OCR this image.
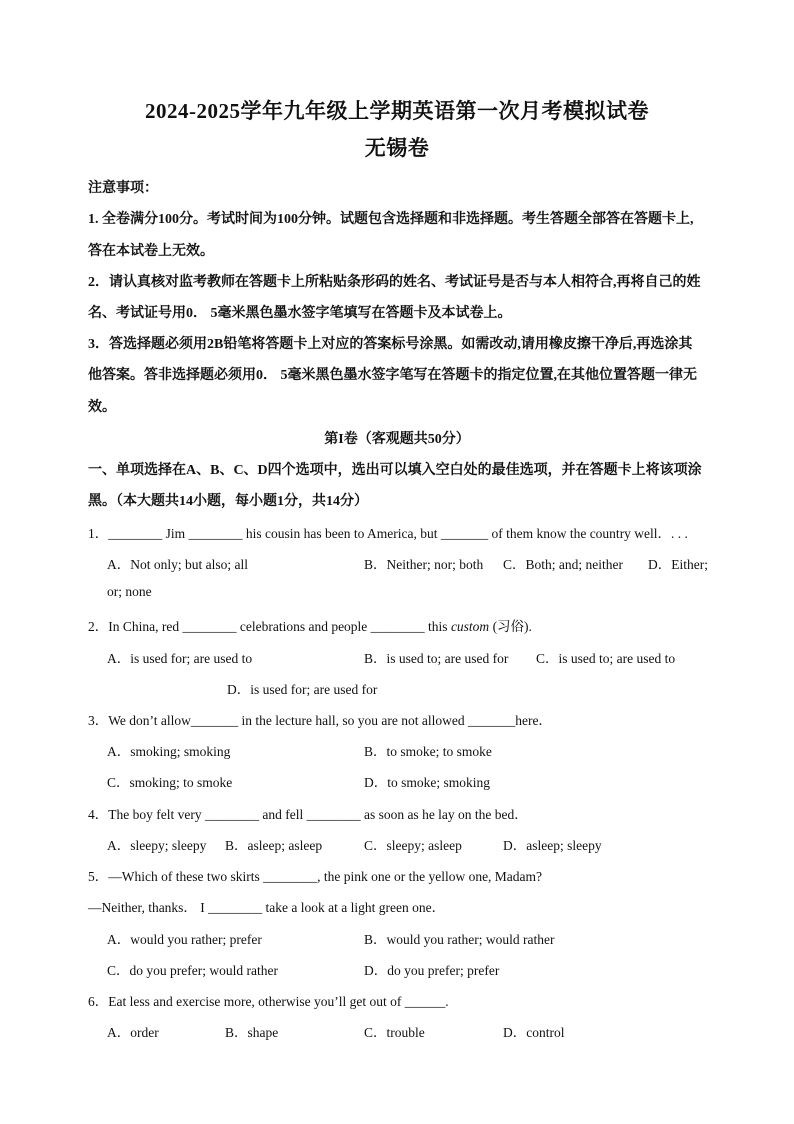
2024-2025学年九年级上学期英语第一次月考模拟试卷
无锡卷
注意事项：
1. 全卷满分100分。考试时间为100分钟。试题包含选择题和非选择题。考生答题全部答在答题卡上,
答在本试卷上无效。
2．请认真核对监考教师在答题卡上所粘贴条形码的姓名、考试证号是否与本人相符合,再将自己的姓
名、考试证号用0． 5毫米黑色墨水签字笔填写在答题卡及本试卷上。
3．答选择题必须用2B铅笔将答题卡上对应的答案标号涂黑。如需改动,请用橡皮擦干净后,再选涂其
他答案。答非选择题必须用0． 5毫米黑色墨水签字笔写在答题卡的指定位置,在其他位置答题一律无
效。
第I卷（客观题共50分）
一、单项选择在A、B、C、D四个选项中，选出可以填入空白处的最佳选项，并在答题卡上将该项涂
黑。（本大题共14小题，每小题1分，共14分）
1．________ Jim ________ his cousin has been to America, but _______ of them know the country well．. . .
A．Not only; but also; all	B．Neither; nor; both C．Both; and; neither D．Either;
or; none
2．In China, red ________ celebrations and people ________ this custom (习俗).
A．is used for; are used to	B．is used to; are used for C．is used to; are used to
D．is used for; are used for
3．We don’t allow_______ in the lecture hall, so you are not allowed _______here．
A．smoking; smoking	B．to smoke; to smoke
C．smoking; to smoke	D．to smoke; smoking
4．The boy felt very ________ and fell ________ as soon as he lay on the bed．
A．sleepy; sleepy B．asleep; asleep	C．sleepy; asleep	D．asleep; sleepy
5．—Which of these two skirts ________, the pink one or the yellow one, Madam?
—Neither, thanks． I ________ take a look at a light green one．
A．would you rather; prefer	B．would you rather; would rather
C．do you prefer; would rather	D．do you prefer; prefer
6．Eat less and exercise more, otherwise you’ll get out of ______.
A．order	B．shape	C．trouble	D．control
